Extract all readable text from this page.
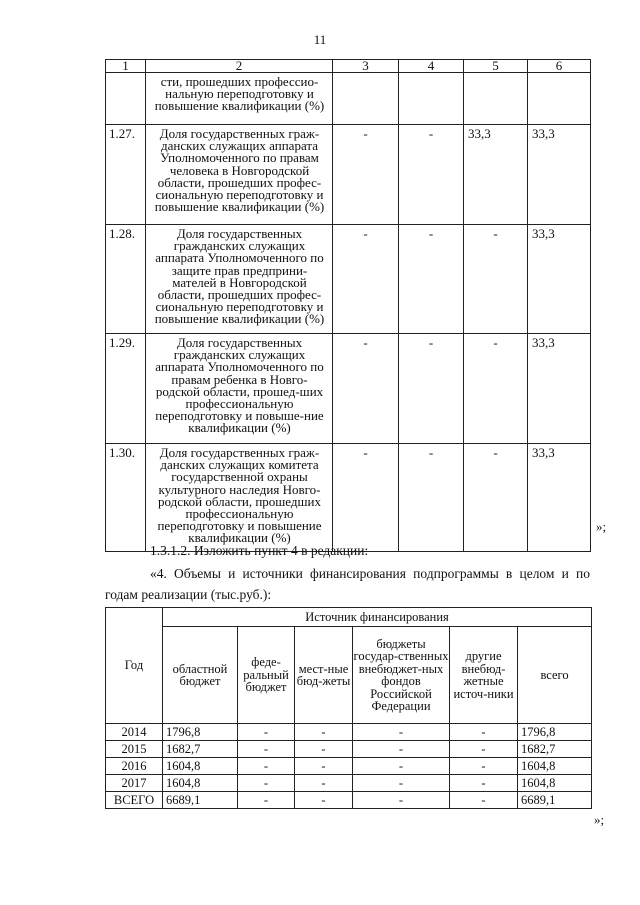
11
1	2	3	4	5	6
	сти, прошедших профессио-нальную переподготовку и повышение квалификации (%)				
1.27.	Доля государственных граж-данских служащих аппарата Уполномоченного по правам человека в Новгородской области, прошедших профес-сиональную переподготовку и повышение квалификации (%)	-	-	33,3	33,3
1.28.	Доля государственных гражданских служащих аппарата Уполномоченного по защите прав предприни-мателей в Новгородской области, прошедших профес-сиональную переподготовку и повышение квалификации (%)	-	-	-	33,3
1.29.	Доля государственных гражданских служащих аппарата Уполномоченного по правам ребенка в Новго-родской области, прошед-ших профессиональную переподготовку и повыше-ние квалификации (%)	-	-	-	33,3
1.30.	Доля государственных граж-данских служащих комитета государственной охраны культурного наследия Новго-родской области, прошедших профессиональную переподготовку и повышение квалификации (%)	-	-	-	33,3
»;
1.3.1.2. Изложить пункт 4 в редакции:
«4. Объемы и источники финансирования подпрограммы в целом и по годам реализации (тыс.руб.):
Год	Источник финансирования					
	областной бюджет	феде-ральный бюджет	мест-ные бюд-жеты	бюджеты государ-ственных внебюджет-ных фондов Российской Федерации	другие внебюд-жетные источ-ники	всего
2014	1796,8	-	-	-	-	1796,8
2015	1682,7	-	-	-	-	1682,7
2016	1604,8	-	-	-	-	1604,8
2017	1604,8	-	-	-	-	1604,8
ВСЕГО	6689,1	-	-	-	-	6689,1
»;
